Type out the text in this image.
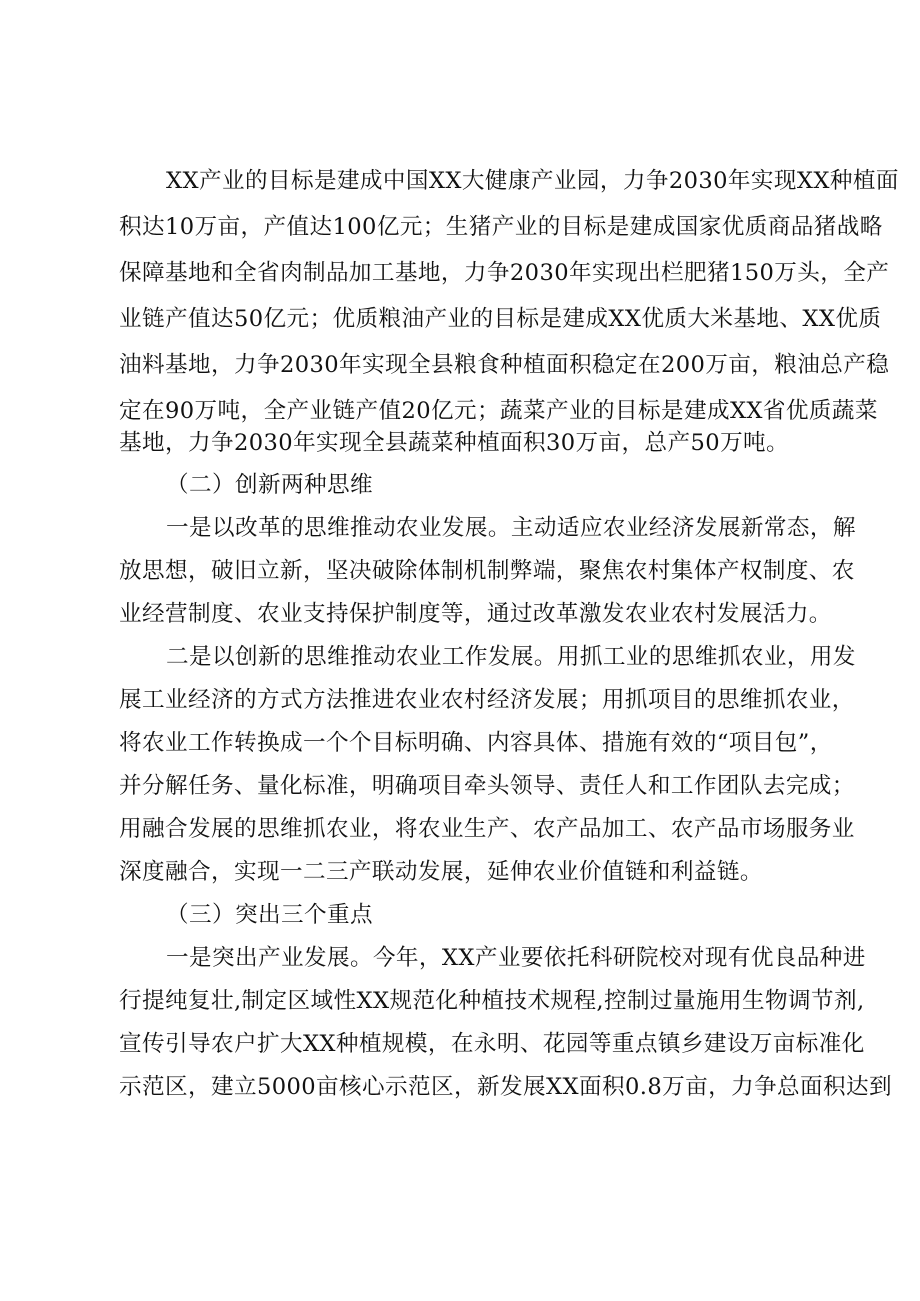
XX产业的目标是建成中国XX大健康产业园，力争2030年实现XX种植面
积达10万亩，产值达100亿元；生猪产业的目标是建成国家优质商品猪战略
保障基地和全省肉制品加工基地，力争2030年实现出栏肥猪150万头，全产
业链产值达50亿元；优质粮油产业的目标是建成XX优质大米基地、XX优质
油料基地，力争2030年实现全县粮食种植面积稳定在200万亩，粮油总产稳
定在90万吨，全产业链产值20亿元；蔬菜产业的目标是建成XX省优质蔬菜
基地，力争2030年实现全县蔬菜种植面积30万亩，总产50万吨。
（二）创新两种思维
一是以改革的思维推动农业发展。主动适应农业经济发展新常态，解
放思想，破旧立新，坚决破除体制机制弊端，聚焦农村集体产权制度、农
业经营制度、农业支持保护制度等，通过改革激发农业农村发展活力。
二是以创新的思维推动农业工作发展。用抓工业的思维抓农业，用发
展工业经济的方式方法推进农业农村经济发展；用抓项目的思维抓农业，
将农业工作转换成一个个目标明确、内容具体、措施有效的“项目包”，
并分解任务、量化标准，明确项目牵头领导、责任人和工作团队去完成；
用融合发展的思维抓农业，将农业生产、农产品加工、农产品市场服务业
深度融合，实现一二三产联动发展，延伸农业价值链和利益链。
（三）突出三个重点
一是突出产业发展。今年，XX产业要依托科研院校对现有优良品种进
行提纯复壮,制定区域性XX规范化种植技术规程,控制过量施用生物调节剂,
宣传引导农户扩大XX种植规模，在永明、花园等重点镇乡建设万亩标准化
示范区，建立5000亩核心示范区，新发展XX面积0.8万亩，力争总面积达到
